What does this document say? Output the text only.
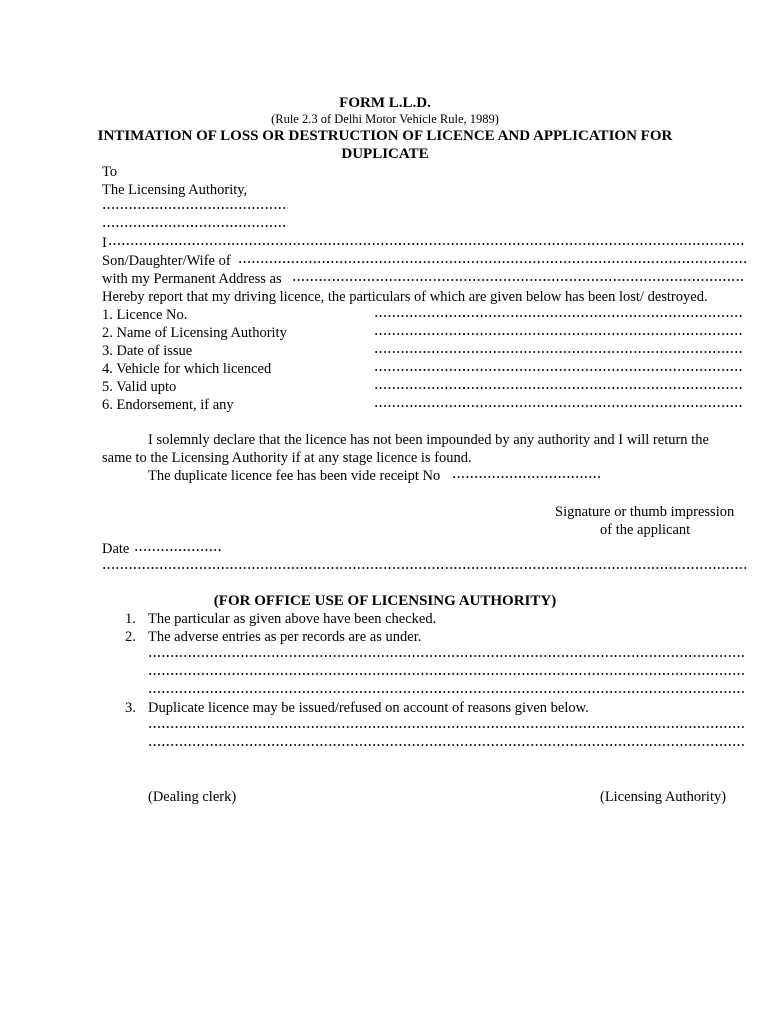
FORM L.L.D.
(Rule 2.3 of Delhi Motor Vehicle Rule, 1989)
INTIMATION OF LOSS OR DESTRUCTION OF LICENCE AND APPLICATION FOR
DUPLICATE
To
The Licensing Authority,
I
Son/Daughter/Wife of
with my Permanent Address as
Hereby report that my driving licence, the particulars of which are given below has been lost/ destroyed.
1. Licence No.
2. Name of Licensing Authority
3. Date of issue
4. Vehicle for which licenced
5. Valid upto
6. Endorsement, if any
I solemnly declare that the licence has not been impounded by any authority and I will return the
same to the Licensing Authority if at any stage licence is found.
The duplicate licence fee has been vide receipt No
Signature or thumb impression
of the applicant
Date
(FOR OFFICE USE OF LICENSING AUTHORITY)
1. The particular as given above have been checked.
2. The adverse entries as per records are as under.
3. Duplicate licence may be issued/refused on account of reasons given below.
(Dealing clerk)	(Licensing Authority)
